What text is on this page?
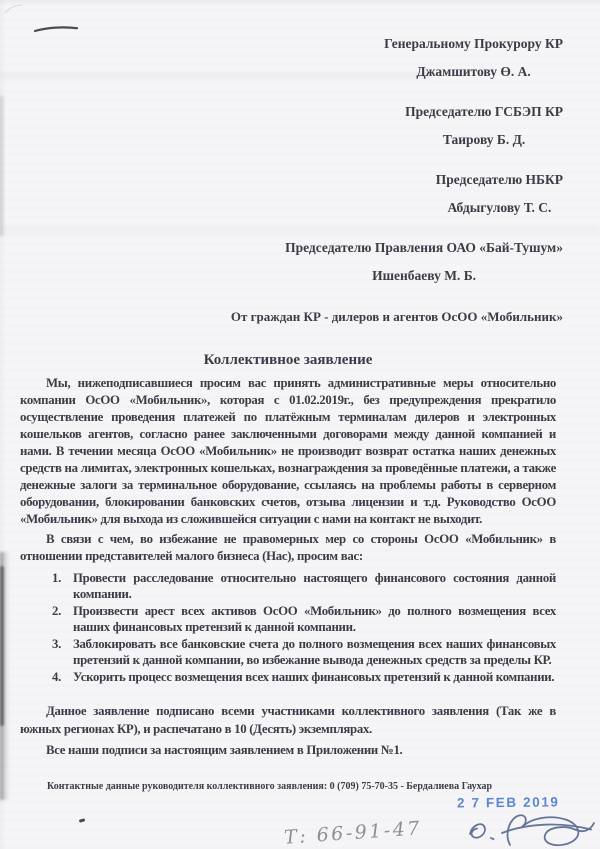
Генеральному Прокурору КР
Джамшитову Ө. А.
Председателю ГСБЭП КР
Таирову Б. Д.
Председателю НБКР
Абдыгулову Т. С.
Председателю Правления ОАО «Бай-Тушум»
Ишенбаеву М. Б.
От граждан КР - дилеров и агентов ОсОО «Мобильник»
Коллективное заявление

Мы, нижеподписавшиеся просим вас принять административные меры относительно компании ОсОО «Мобильник», которая с 01.02.2019г., без предупреждения прекратило осуществление проведения платежей по платёжным терминалам дилеров и электронных кошельков агентов, согласно ранее заключенными договорами между данной компанией и нами. В течении месяца ОсОО «Мобильник» не производит возврат остатка наших денежных средств на лимитах, электронных кошельках, вознаграждения за проведённые платежи, а также денежные залоги за терминальное оборудование, ссылаясь на проблемы работы в серверном оборудовании, блокировании банковских счетов, отзыва лицензии и т.д. Руководство ОсОО «Мобильник» для выхода из сложившейся ситуации с нами на контакт не выходит.

В связи с чем, во избежание не правомерных мер со стороны ОсОО «Мобильник» в отношении представителей малого бизнеса (Нас), просим вас:

1. Провести расследование относительно настоящего финансового состояния данной компании.
2. Произвести арест всех активов ОсОО «Мобильник» до полного возмещения всех наших финансовых претензий к данной компании.
3. Заблокировать все банковские счета до полного возмещения всех наших финансовых претензий к данной компании, во избежание вывода денежных средств за пределы КР.
4. Ускорить процесс возмещения всех наших финансовых претензий к данной компании.

Данное заявление подписано всеми участниками коллективного заявления (Так же в южных регионах КР), и распечатано в 10 (Десять) экземплярах.

Все наши подписи за настоящим заявлением в Приложении №1.

Контактные данные руководителя коллективного заявления: 0 (709) 75-70-35 - Бердалиева Гаухар
2 7 FEB 2019
Т: 66-91-47
